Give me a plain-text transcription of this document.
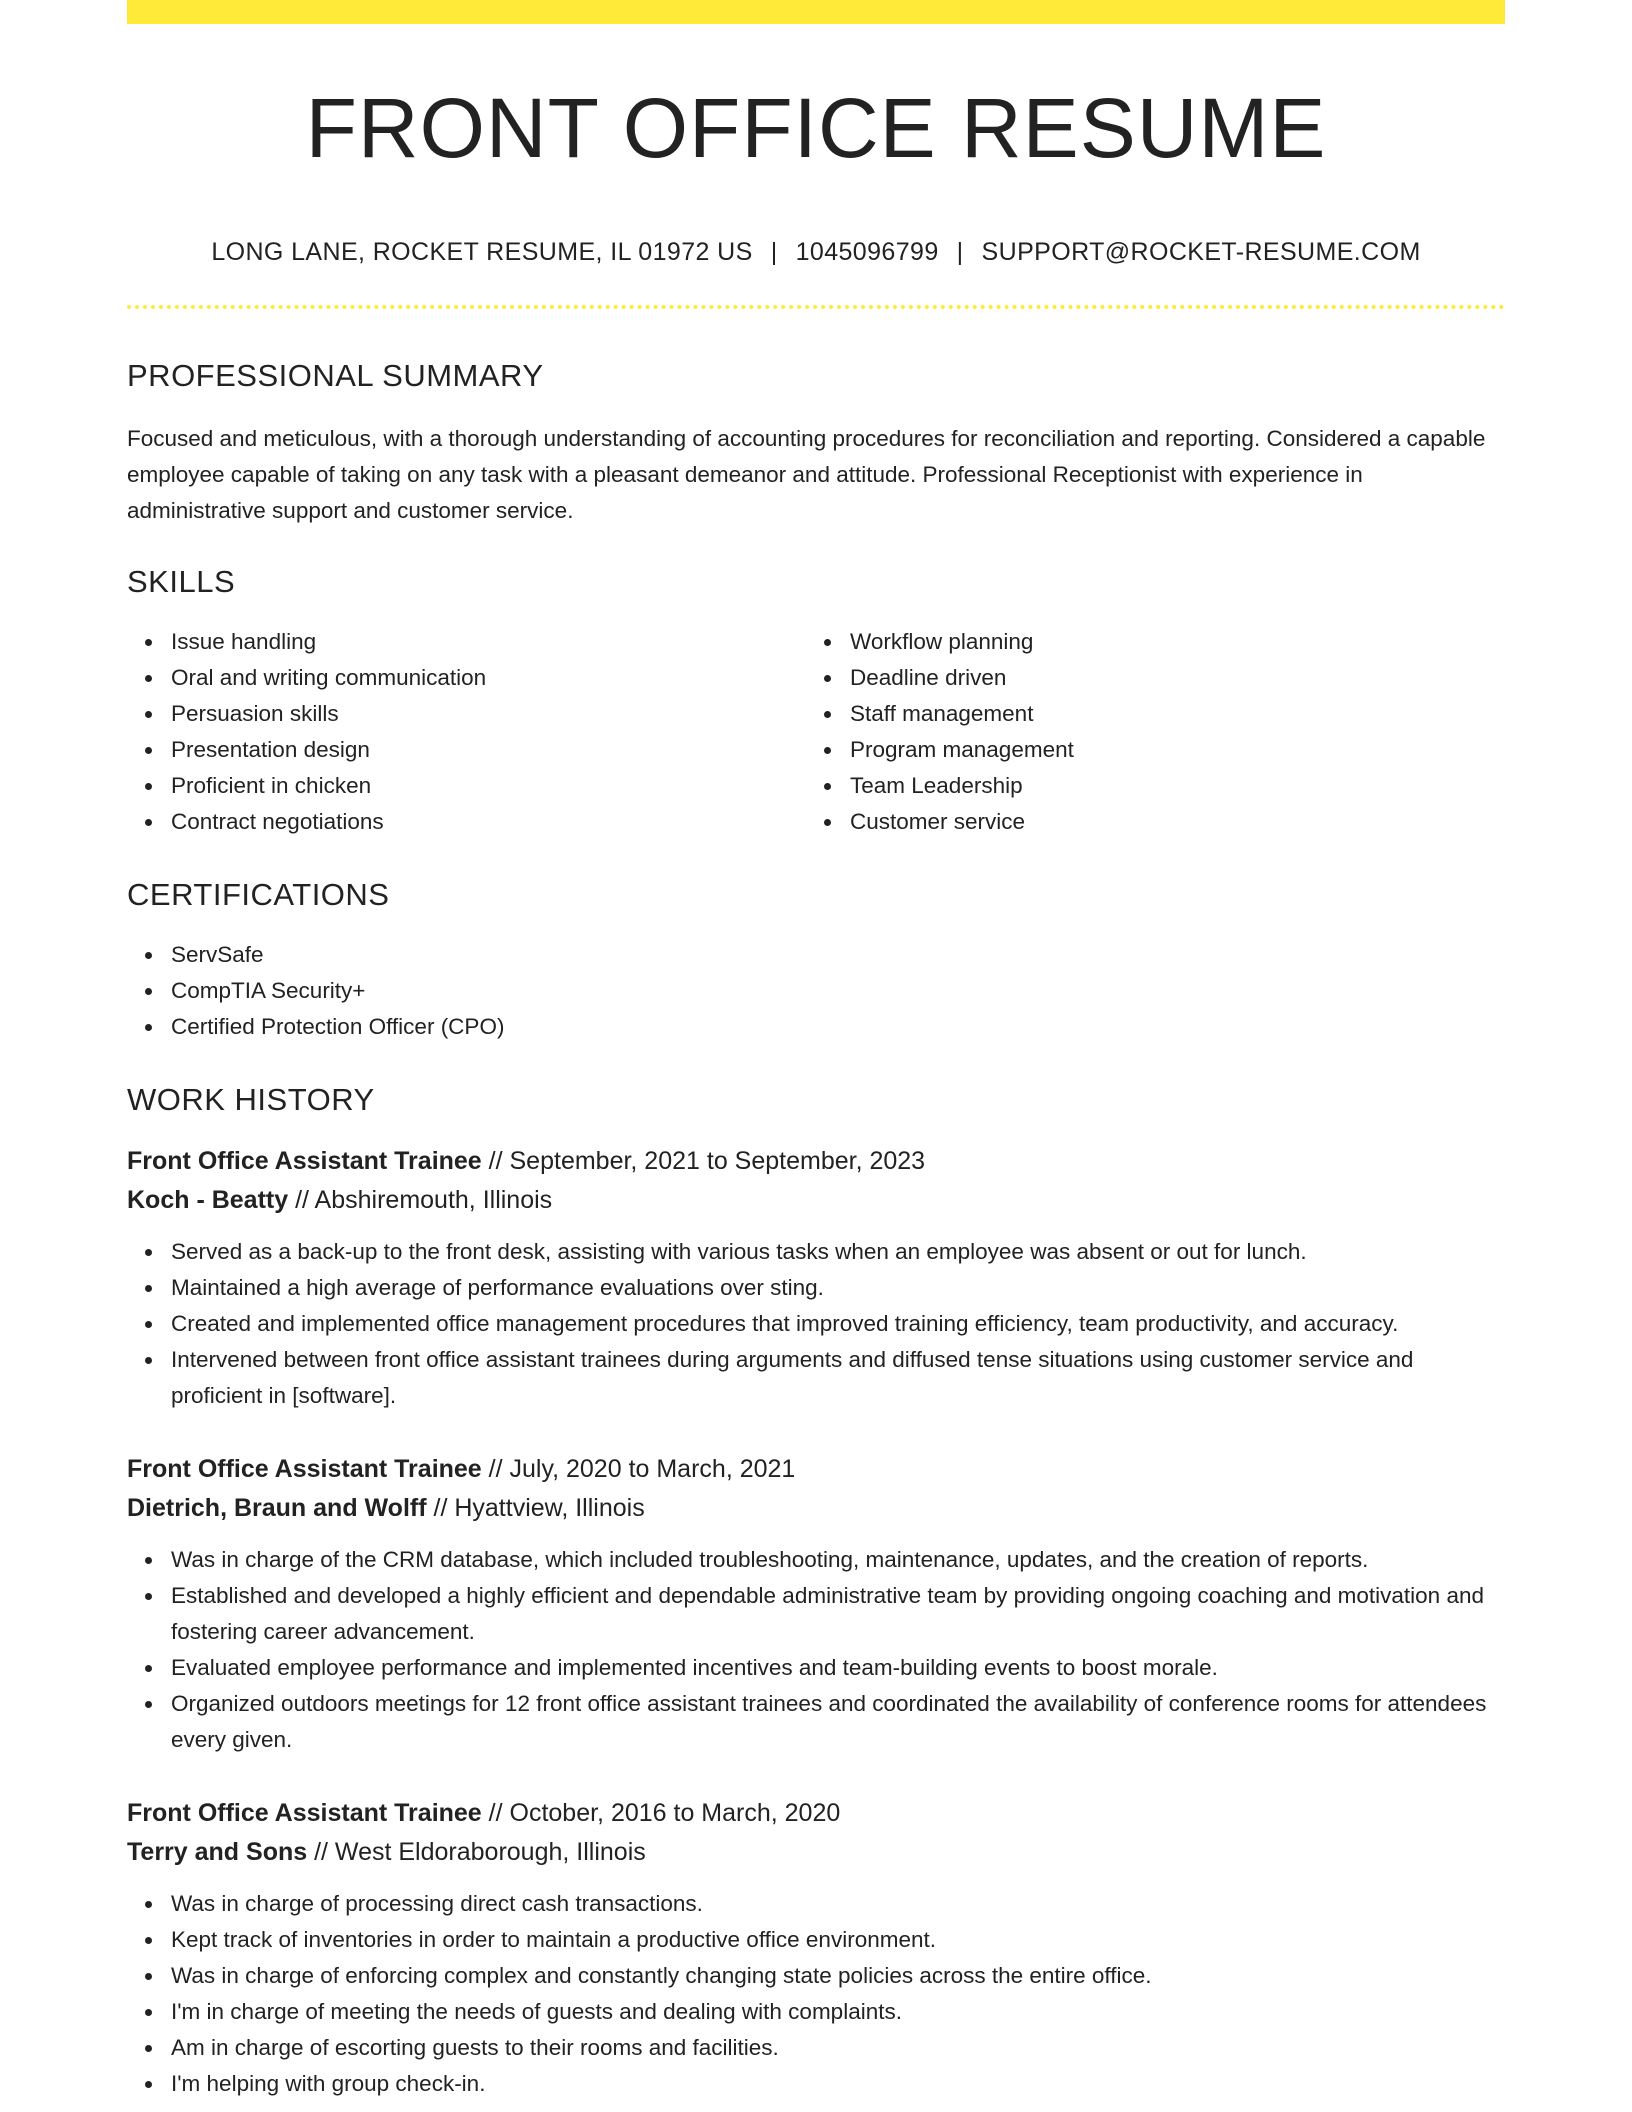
FRONT OFFICE RESUME
LONG LANE, ROCKET RESUME, IL 01972 US | 1045096799 | SUPPORT@ROCKET-RESUME.COM
PROFESSIONAL SUMMARY

Focused and meticulous, with a thorough understanding of accounting procedures for reconciliation and reporting. Considered a capable employee capable of taking on any task with a pleasant demeanor and attitude. Professional Receptionist with experience in administrative support and customer service.

SKILLS
Issue handling
Oral and writing communication
Persuasion skills
Presentation design
Proficient in chicken
Contract negotiations
Workflow planning
Deadline driven
Staff management
Program management
Team Leadership
Customer service
CERTIFICATIONS
ServSafe
CompTIA Security+
Certified Protection Officer (CPO)
WORK HISTORY
Front Office Assistant Trainee // September, 2021 to September, 2023
Koch - Beatty // Abshiremouth, Illinois
Served as a back-up to the front desk, assisting with various tasks when an employee was absent or out for lunch.
Maintained a high average of performance evaluations over sting.
Created and implemented office management procedures that improved training efficiency, team productivity, and accuracy.
Intervened between front office assistant trainees during arguments and diffused tense situations using customer service and proficient in [software].
Front Office Assistant Trainee // July, 2020 to March, 2021
Dietrich, Braun and Wolff // Hyattview, Illinois
Was in charge of the CRM database, which included troubleshooting, maintenance, updates, and the creation of reports.
Established and developed a highly efficient and dependable administrative team by providing ongoing coaching and motivation and fostering career advancement.
Evaluated employee performance and implemented incentives and team-building events to boost morale.
Organized outdoors meetings for 12 front office assistant trainees and coordinated the availability of conference rooms for attendees every given.
Front Office Assistant Trainee // October, 2016 to March, 2020
Terry and Sons // West Eldoraborough, Illinois
Was in charge of processing direct cash transactions.
Kept track of inventories in order to maintain a productive office environment.
Was in charge of enforcing complex and constantly changing state policies across the entire office.
I'm in charge of meeting the needs of guests and dealing with complaints.
Am in charge of escorting guests to their rooms and facilities.
I'm helping with group check-in.
